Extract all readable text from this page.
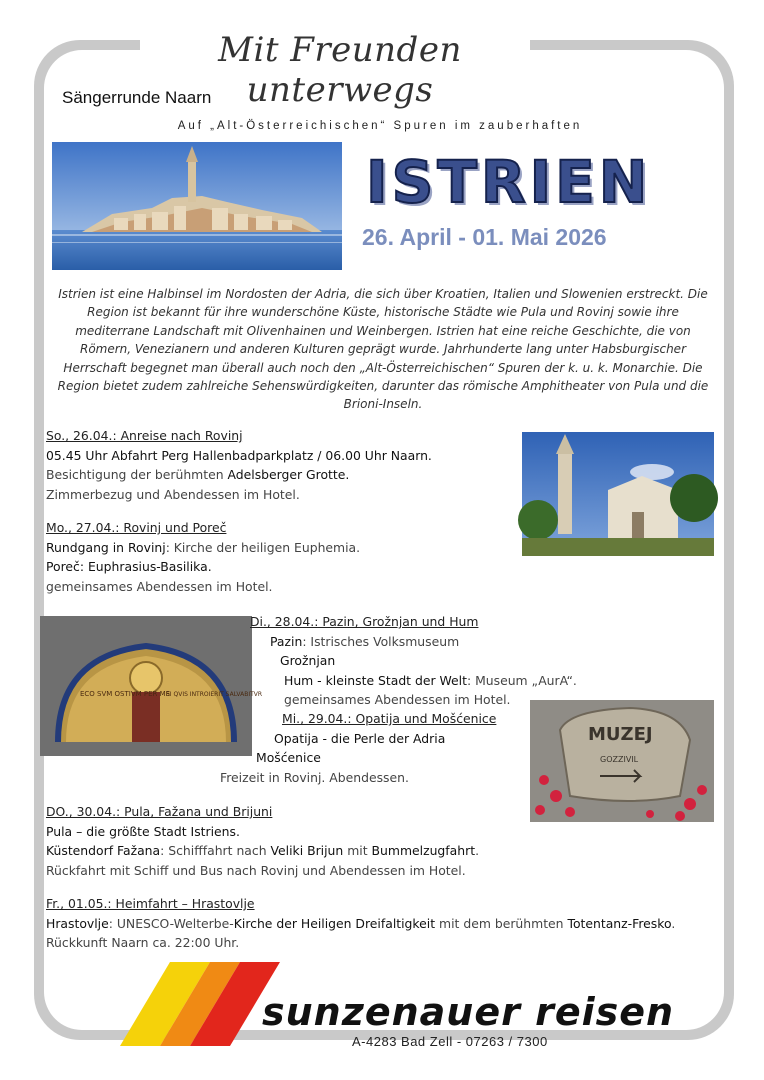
Mit Freunden unterwegs
Sängerrunde Naarn
Auf „Alt-Österreichischen“ Spuren im zauberhaften
ISTRIEN
26. April - 01. Mai 2026
Istrien ist eine Halbinsel im Nordosten der Adria, die sich über Kroatien, Italien und Slowenien erstreckt. Die Region ist bekannt für ihre wunderschöne Küste, historische Städte wie Pula und Rovinj sowie ihre mediterrane Landschaft mit Olivenhainen und Weinbergen. Istrien hat eine reiche Geschichte, die von Römern, Venezianern und anderen Kulturen geprägt wurde. Jahrhunderte lang unter Habsburgischer Herrschaft begegnet man überall auch noch den „Alt-Österreichischen“ Spuren der k. u. k. Monarchie. Die Region bietet zudem zahlreiche Sehenswürdigkeiten, darunter das römische Amphitheater von Pula und die Brioni-Inseln.
So., 26.04.: Anreise nach Rovinj
05.45 Uhr Abfahrt Perg Hallenbadparkplatz / 06.00 Uhr Naarn.
Besichtigung der berühmten Adelsberger Grotte.
Zimmerbezug und Abendessen im Hotel.
Mo., 27.04.: Rovinj und Poreč
Rundgang in Rovinj: Kirche der heiligen Euphemia.
Poreč: Euphrasius-Basilika.
gemeinsames Abendessen im Hotel.
ECO SVM OSTIVM PER ME
SI QVIS INTROIERIT SALVABITVR
Di., 28.04.: Pazin, Grožnjan und Hum
Pazin: Istrisches Volksmuseum
Grožnjan
Hum - kleinste Stadt der Welt: Museum „AurA“.
gemeinsames Abendessen im Hotel.
Mi., 29.04.: Opatija und Mošćenice
Opatija - die Perle der Adria
Mošćenice
Freizeit in Rovinj. Abendessen.
MUZEJ
GOZZIVIL
DO., 30.04.: Pula, Fažana und Brijuni
Pula – die größte Stadt Istriens.
Küstendorf Fažana: Schifffahrt nach Veliki Brijun mit Bummelzugfahrt.
Rückfahrt mit Schiff und Bus nach Rovinj und Abendessen im Hotel.
Fr., 01.05.: Heimfahrt – Hrastovlje
Hrastovlje: UNESCO-Welterbe-Kirche der Heiligen Dreifaltigkeit mit dem berühmten Totentanz-Fresko.
Rückkunft Naarn ca. 22:00 Uhr.
sunzenauer reisen
A-4283 Bad Zell - 07263 / 7300
